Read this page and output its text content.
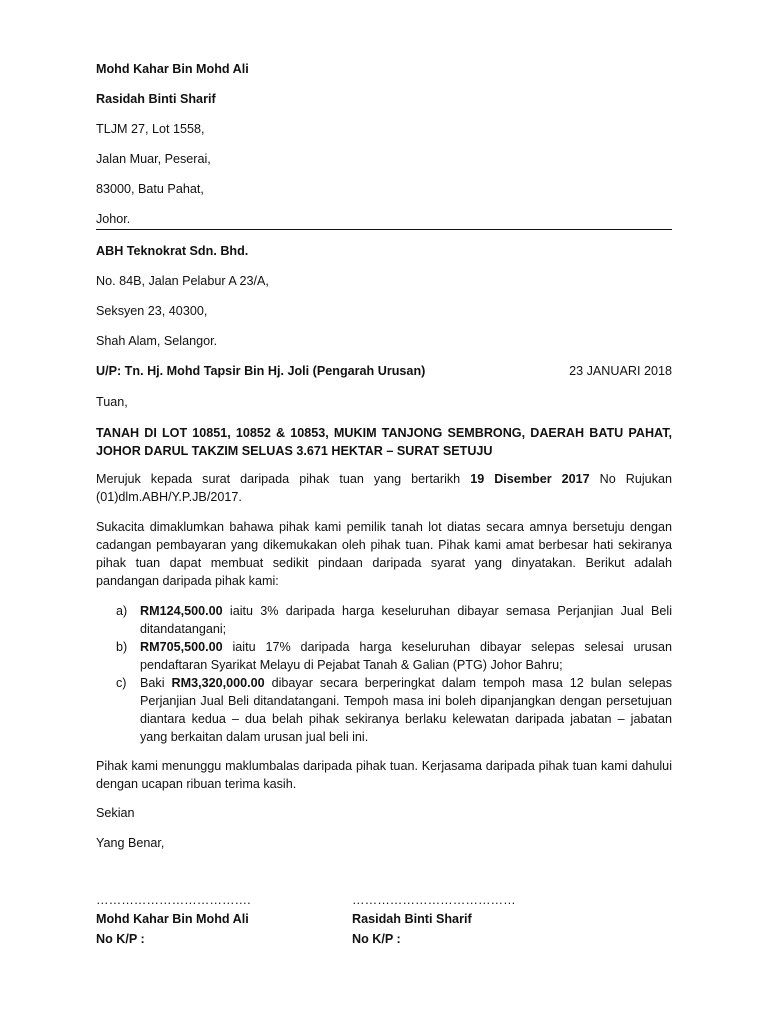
Mohd Kahar Bin Mohd Ali
Rasidah Binti Sharif
TLJM 27, Lot 1558,
Jalan Muar, Peserai,
83000, Batu Pahat,
Johor.
ABH Teknokrat Sdn. Bhd.
No. 84B, Jalan Pelabur A 23/A,
Seksyen 23, 40300,
Shah Alam, Selangor.
U/P: Tn. Hj. Mohd Tapsir Bin Hj. Joli (Pengarah Urusan)	23 JANUARI 2018
Tuan,
TANAH DI LOT 10851, 10852 & 10853, MUKIM TANJONG SEMBRONG, DAERAH BATU PAHAT,
JOHOR DARUL TAKZIM SELUAS 3.671 HEKTAR – SURAT SETUJU
Merujuk kepada surat daripada pihak tuan yang bertarikh 19 Disember 2017 No Rujukan (01)dlm.ABH/Y.P.JB/2017.
Sukacita dimaklumkan bahawa pihak kami pemilik tanah lot diatas secara amnya bersetuju dengan cadangan pembayaran yang dikemukakan oleh pihak tuan. Pihak kami amat berbesar hati sekiranya pihak tuan dapat membuat sedikit pindaan daripada syarat yang dinyatakan. Berikut adalah pandangan daripada pihak kami:
a) RM124,500.00 iaitu 3% daripada harga keseluruhan dibayar semasa Perjanjian Jual Beli ditandatangani;
b) RM705,500.00 iaitu 17% daripada harga keseluruhan dibayar selepas selesai urusan pendaftaran Syarikat Melayu di Pejabat Tanah & Galian (PTG) Johor Bahru;
c) Baki RM3,320,000.00 dibayar secara berperingkat dalam tempoh masa 12 bulan selepas Perjanjian Jual Beli ditandatangani. Tempoh masa ini boleh dipanjangkan dengan persetujuan diantara kedua – dua belah pihak sekiranya berlaku kelewatan daripada jabatan – jabatan yang berkaitan dalam urusan jual beli ini.
Pihak kami menunggu maklumbalas daripada pihak tuan. Kerjasama daripada pihak tuan kami dahului dengan ucapan ribuan terima kasih.
Sekian
Yang Benar,
……………………………….
Mohd Kahar Bin Mohd Ali
No K/P :
…………………………………
Rasidah Binti Sharif
No K/P :
